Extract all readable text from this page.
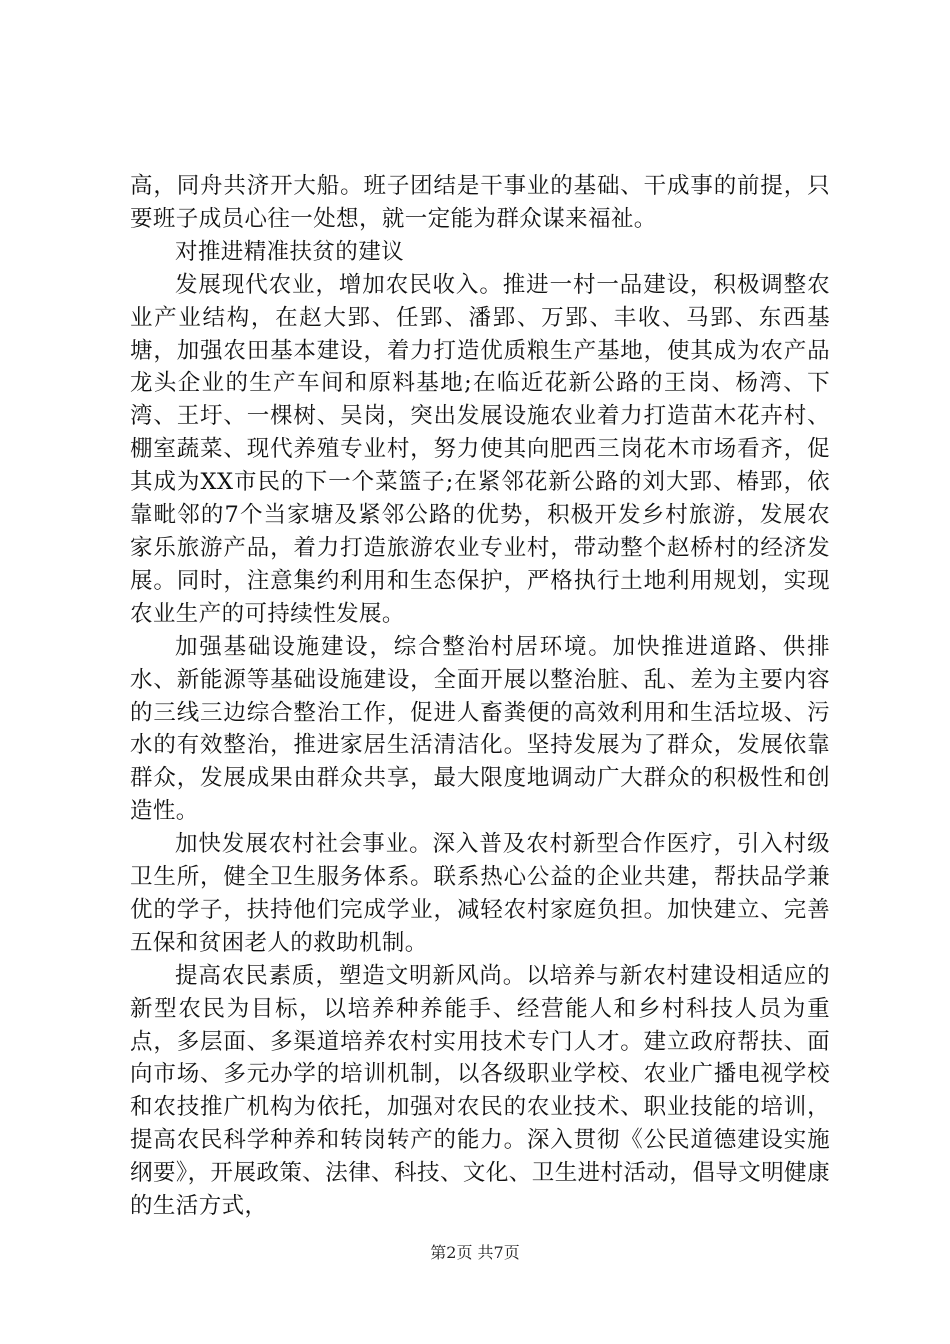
高，同舟共济开大船。班子团结是干事业的基础、干成事的前提，只要班子成员心往一处想，就一定能为群众谋来福祉。

对推进精准扶贫的建议

发展现代农业，增加农民收入。推进一村一品建设，积极调整农业产业结构，在赵大郢、任郢、潘郢、万郢、丰收、马郢、东西基塘，加强农田基本建设，着力打造优质粮生产基地，使其成为农产品龙头企业的生产车间和原料基地;在临近花新公路的王岗、杨湾、下湾、王圩、一棵树、吴岗，突出发展设施农业着力打造苗木花卉村、棚室蔬菜、现代养殖专业村，努力使其向肥西三岗花木市场看齐，促其成为XX市民的下一个菜篮子;在紧邻花新公路的刘大郢、椿郢，依靠毗邻的7个当家塘及紧邻公路的优势，积极开发乡村旅游，发展农家乐旅游产品，着力打造旅游农业专业村，带动整个赵桥村的经济发展。同时，注意集约利用和生态保护，严格执行土地利用规划，实现农业生产的可持续性发展。

加强基础设施建设，综合整治村居环境。加快推进道路、供排水、新能源等基础设施建设，全面开展以整治脏、乱、差为主要内容的三线三边综合整治工作，促进人畜粪便的高效利用和生活垃圾、污水的有效整治，推进家居生活清洁化。坚持发展为了群众，发展依靠群众，发展成果由群众共享，最大限度地调动广大群众的积极性和创造性。

加快发展农村社会事业。深入普及农村新型合作医疗，引入村级卫生所，健全卫生服务体系。联系热心公益的企业共建，帮扶品学兼优的学子，扶持他们完成学业，减轻农村家庭负担。加快建立、完善五保和贫困老人的救助机制。

提高农民素质，塑造文明新风尚。以培养与新农村建设相适应的新型农民为目标，以培养种养能手、经营能人和乡村科技人员为重点，多层面、多渠道培养农村实用技术专门人才。建立政府帮扶、面向市场、多元办学的培训机制，以各级职业学校、农业广播电视学校和农技推广机构为依托，加强对农民的农业技术、职业技能的培训，提高农民科学种养和转岗转产的能力。深入贯彻《公民道德建设实施纲要》，开展政策、法律、科技、文化、卫生进村活动，倡导文明健康的生活方式，

第2页 共7页
